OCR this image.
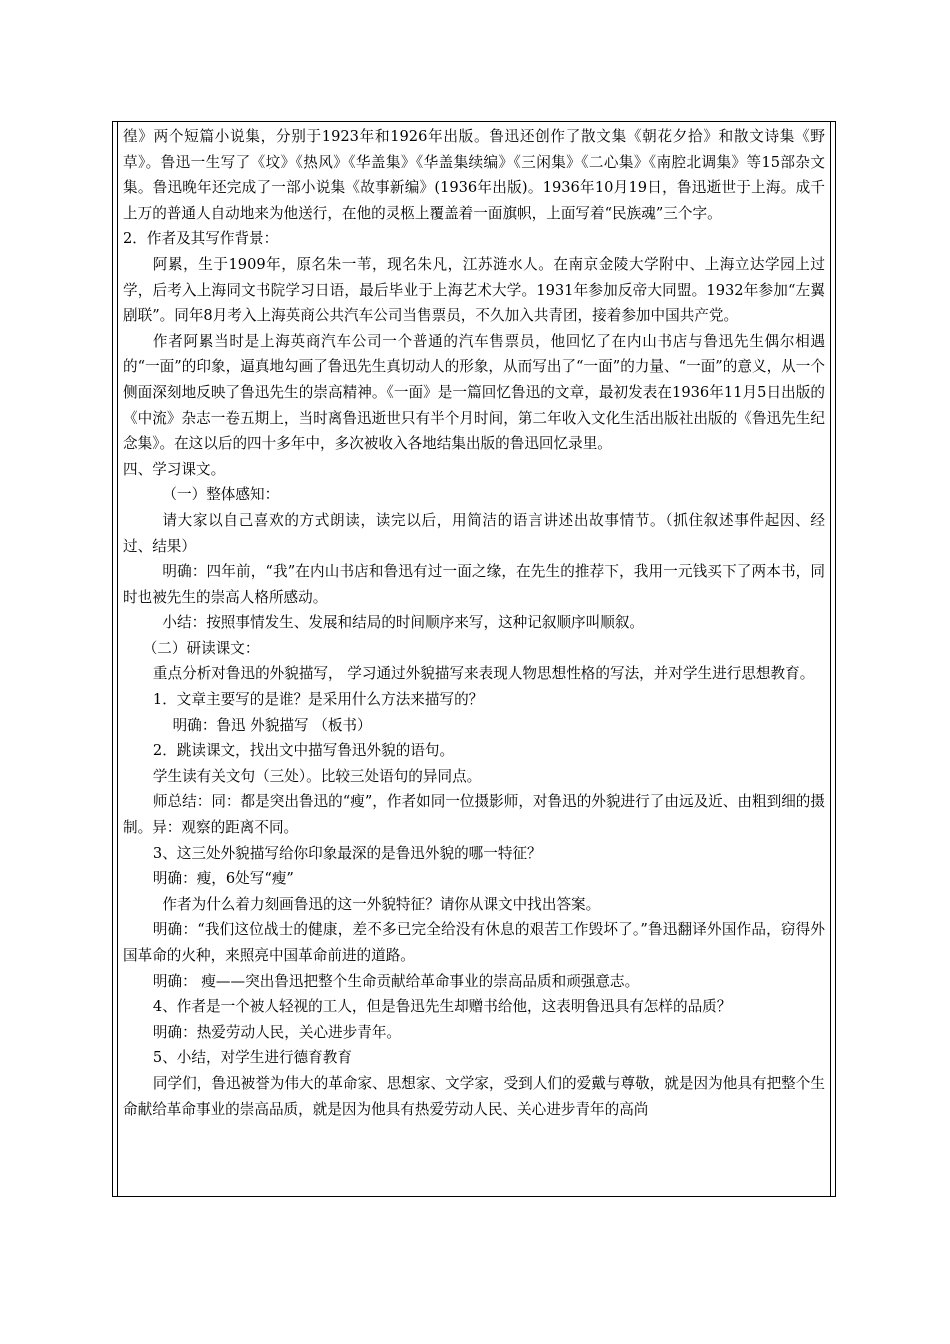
徨》两个短篇小说集，分别于1923年和1926年出版。鲁迅还创作了散文集《朝花夕拾》和散文诗集《野草》。鲁迅一生写了《坟》《热风》《华盖集》《华盖集续编》《三闲集》《二心集》《南腔北调集》等15部杂文集。鲁迅晚年还完成了一部小说集《故事新编》(1936年出版)。1936年10月19日，鲁迅逝世于上海。成千上万的普通人自动地来为他送行，在他的灵柩上覆盖着一面旗帜，上面写着“民族魂”三个字。

2．作者及其写作背景：

阿累，生于1909年，原名朱一苇，现名朱凡，江苏涟水人。在南京金陵大学附中、上海立达学园上过学，后考入上海同文书院学习日语，最后毕业于上海艺术大学。1931年参加反帝大同盟。1932年参加“左翼剧联”。同年8月考入上海英商公共汽车公司当售票员，不久加入共青团，接着参加中国共产党。

作者阿累当时是上海英商汽车公司一个普通的汽车售票员，他回忆了在内山书店与鲁迅先生偶尔相遇的“一面”的印象，逼真地勾画了鲁迅先生真切动人的形象，从而写出了“一面”的力量、“一面”的意义，从一个侧面深刻地反映了鲁迅先生的崇高精神。《一面》是一篇回忆鲁迅的文章，最初发表在1936年11月5日出版的《中流》杂志一卷五期上，当时离鲁迅逝世只有半个月时间，第二年收入文化生活出版社出版的《鲁迅先生纪念集》。在这以后的四十多年中，多次被收入各地结集出版的鲁迅回忆录里。

四、学习课文。

（一）整体感知：

请大家以自己喜欢的方式朗读，读完以后，用简洁的语言讲述出故事情节。（抓住叙述事件起因、经过、结果）

明确：四年前，“我”在内山书店和鲁迅有过一面之缘，在先生的推荐下，我用一元钱买下了两本书，同时也被先生的崇高人格所感动。

小结：按照事情发生、发展和结局的时间顺序来写，这种记叙顺序叫顺叙。

（二）研读课文：

重点分析对鲁迅的外貌描写， 学习通过外貌描写来表现人物思想性格的写法，并对学生进行思想教育。

1．文章主要写的是谁？是采用什么方法来描写的？

明确：鲁迅 外貌描写 （板书）

2．跳读课文，找出文中描写鲁迅外貌的语句。

学生读有关文句（三处）。比较三处语句的异同点。

师总结：同：都是突出鲁迅的“瘦”，作者如同一位摄影师，对鲁迅的外貌进行了由远及近、由粗到细的摄制。异：观察的距离不同。

3、这三处外貌描写给你印象最深的是鲁迅外貌的哪一特征？

明确：瘦，6处写“瘦”

作者为什么着力刻画鲁迅的这一外貌特征？请你从课文中找出答案。

明确：“我们这位战士的健康，差不多已完全给没有休息的艰苦工作毁坏了。”鲁迅翻译外国作品，窃得外国革命的火种，来照亮中国革命前进的道路。

明确： 瘦——突出鲁迅把整个生命贡献给革命事业的崇高品质和顽强意志。

4、作者是一个被人轻视的工人，但是鲁迅先生却赠书给他，这表明鲁迅具有怎样的品质？

明确：热爱劳动人民，关心进步青年。

5、小结，对学生进行德育教育

同学们，鲁迅被誉为伟大的革命家、思想家、文学家，受到人们的爱戴与尊敬，就是因为他具有把整个生命献给革命事业的崇高品质，就是因为他具有热爱劳动人民、关心进步青年的高尚
